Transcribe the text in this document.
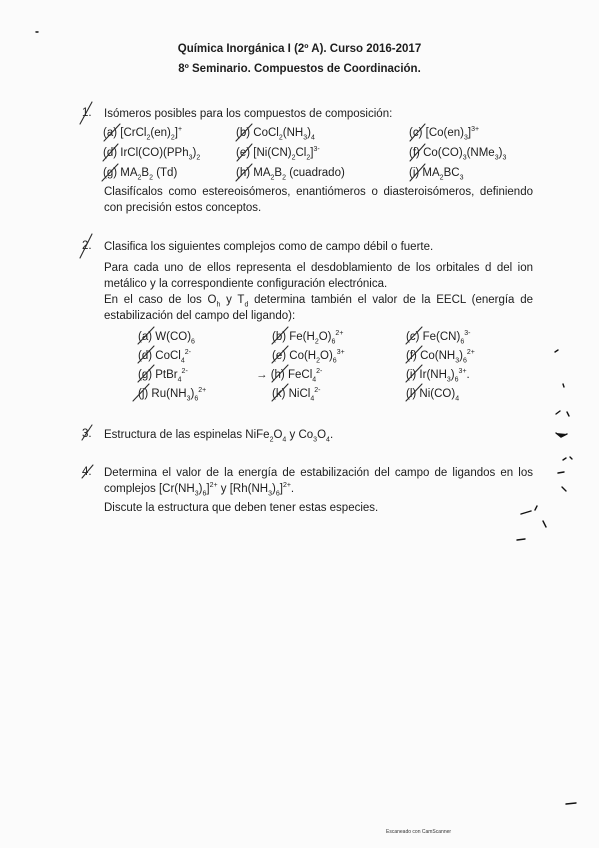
Química Inorgánica I (2º A). Curso 2016-2017
8º Seminario. Compuestos de Coordinación.
1. Isómeros posibles para los compuestos de composición:
(a) $[CrCl_2(en)_2]^+$	(b) $CoCl_2(NH_3)_4$	(c) $[Co(en)_3]^{3+}$
(d) $IrCl(CO)(PPh_3)_2$	(e) $[Ni(CN)_2Cl_2]^{3-}$	(f) $Co(CO)_3(NMe_3)_3$
(g) $MA_2B_2$ (Td)	(h) $MA_2B_2$ (cuadrado)	(i) $MA_2BC_3$
Clasifícalos como estereoisómeros, enantiómeros o diasteroisómeros, definiendo con precisión estos conceptos.
2. Clasifica los siguientes complejos como de campo débil o fuerte.
Para cada uno de ellos representa el desdoblamiento de los orbitales d del ion metálico y la correspondiente configuración electrónica.
En el caso de los $O_h$ y $T_d$ determina también el valor de la EECL (energía de estabilización del campo del ligando):
(a) $W(CO)_6$	(b) $Fe(H_2O)_6^{2+}$	(c) $Fe(CN)_6^{3-}$
(d) CoCl$_4^{2-}$	(e) $Co(H_2O)_6^{3+}$	(f) $Co(NH_3)_6^{2+}$
(g) PtBr$_4^{2-}$	→ (h) FeCl$_4^{2-}$	(i) $Ir(NH_3)_6^{3+}$.
(j) $Ru(NH_3)_6^{2+}$	(k) NiCl$_4^{2-}$	(l) $Ni(CO)_4$
3. Estructura de las espinelas $NiFe_2O_4$ y $Co_3O_4$.
4. Determina el valor de la energía de estabilización del campo de ligandos en los complejos $[Cr(NH_3)_6]^{2+}$ y $[Rh(NH_3)_6]^{2+}$.
Discute la estructura que deben tener estas especies.
Escaneado con CamScanner
